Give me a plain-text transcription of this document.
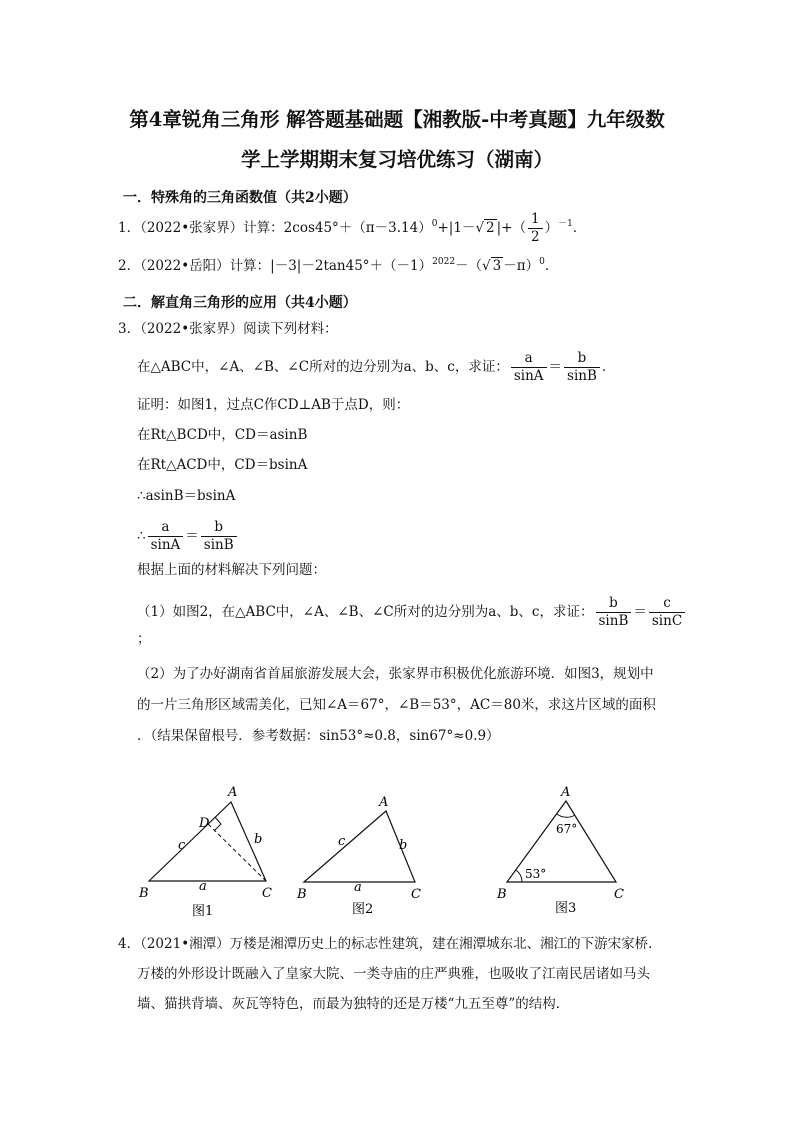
第4章锐角三角形 解答题基础题【湘教版-中考真题】九年级数
学上学期期末复习培优练习（湖南）
一．特殊角的三角函数值（共2小题）
1．（2022•张家界）计算：$2\cos 45^\circ+(\pi-3.14)^0+|1-√$ 2 |+（ $\frac{1}{2} )^{-1}$．
2．（2022•岳阳）计算：$|-3|-2\tan 45^\circ+(-1)^{2022}-(√$ 3 －π）$^0$．
二．解直角三角形的应用（共4小题）
3．（2022•张家界）阅读下列材料：
在△ABC中，∠A、∠B、∠C所对的边分别为a、b、c，求证： $\frac{a}{\sin A} = \frac{b}{\sin B}$ ．
证明：如图1，过点C作CD⊥AB于点D，则：
在Rt△BCD中，CD＝asinB
在Rt△ACD中，CD＝bsinA
∴asinB＝bsinA
∴ $\frac{a}{\sin A} = \frac{b}{\sin B}$
根据上面的材料解决下列问题：
（1）如图2，在△ABC中，∠A、∠B、∠C所对的边分别为a、b、c，求证： $\frac{b}{\sin B} = \frac{c}{\sin C}$
；
（2）为了办好湖南省首届旅游发展大会，张家界市积极优化旅游环境．如图3，规划中
的一片三角形区域需美化，已知∠A＝67°，∠B＝53°，AC＝80米，求这片区域的面积
．（结果保留根号．参考数据：sin53°≈0.8，sin67°≈0.9）
A
B	C
D
a
b
c
图1
A
B	C
a
b
c
图2
A
B	C
67°
53°
图3
4．（2021•湘潭）万楼是湘潭历史上的标志性建筑，建在湘潭城东北、湘江的下游宋家桥．
万楼的外形设计既融入了皇家大院、一类寺庙的庄严典雅，也吸收了江南民居诸如马头
墙、猫拱背墙、灰瓦等特色，而最为独特的还是万楼“九五至尊”的结构．
